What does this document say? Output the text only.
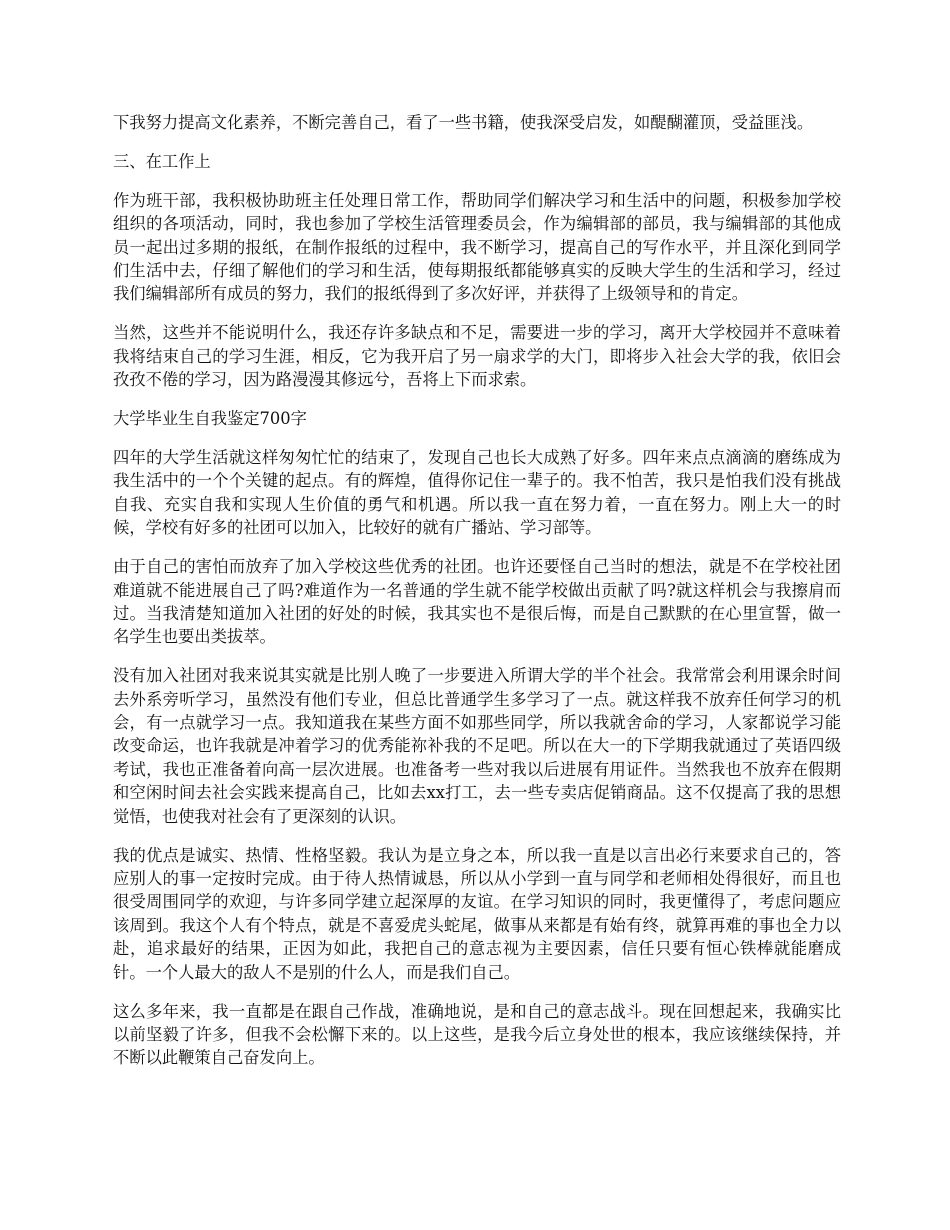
下我努力提高文化素养，不断完善自己，看了一些书籍，使我深受启发，如醍醐灌顶，受益匪浅。

三、在工作上

作为班干部，我积极协助班主任处理日常工作，帮助同学们解决学习和生活中的问题，积极参加学校组织的各项活动，同时，我也参加了学校生活管理委员会，作为编辑部的部员，我与编辑部的其他成员一起出过多期的报纸，在制作报纸的过程中，我不断学习，提高自己的写作水平，并且深化到同学们生活中去，仔细了解他们的学习和生活，使每期报纸都能够真实的反映大学生的生活和学习，经过我们编辑部所有成员的努力，我们的报纸得到了多次好评，并获得了上级领导和的肯定。

当然，这些并不能说明什么，我还存许多缺点和不足，需要进一步的学习，离开大学校园并不意味着我将结束自己的学习生涯，相反，它为我开启了另一扇求学的大门，即将步入社会大学的我，依旧会孜孜不倦的学习，因为路漫漫其修远兮，吾将上下而求索。

大学毕业生自我鉴定700字

四年的大学生活就这样匆匆忙忙的结束了，发现自己也长大成熟了好多。四年来点点滴滴的磨练成为我生活中的一个个关键的起点。有的辉煌，值得你记住一辈子的。我不怕苦，我只是怕我们没有挑战自我、充实自我和实现人生价值的勇气和机遇。所以我一直在努力着，一直在努力。刚上大一的时候，学校有好多的社团可以加入，比较好的就有广播站、学习部等。

由于自己的害怕而放弃了加入学校这些优秀的社团。也许还要怪自己当时的想法，就是不在学校社团难道就不能进展自己了吗?难道作为一名普通的学生就不能学校做出贡献了吗?就这样机会与我擦肩而过。当我清楚知道加入社团的好处的时候，我其实也不是很后悔，而是自己默默的在心里宣誓，做一名学生也要出类拔萃。

没有加入社团对我来说其实就是比别人晚了一步要进入所谓大学的半个社会。我常常会利用课余时间去外系旁听学习，虽然没有他们专业，但总比普通学生多学习了一点。就这样我不放弃任何学习的机会，有一点就学习一点。我知道我在某些方面不如那些同学，所以我就舍命的学习，人家都说学习能改变命运，也许我就是冲着学习的优秀能祢补我的不足吧。所以在大一的下学期我就通过了英语四级考试，我也正准备着向高一层次进展。也准备考一些对我以后进展有用证件。当然我也不放弃在假期和空闲时间去社会实践来提高自己，比如去xx打工，去一些专卖店促销商品。这不仅提高了我的思想觉悟，也使我对社会有了更深刻的认识。

我的优点是诚实、热情、性格坚毅。我认为是立身之本，所以我一直是以言出必行来要求自己的，答应别人的事一定按时完成。由于待人热情诚恳，所以从小学到一直与同学和老师相处得很好，而且也很受周围同学的欢迎，与许多同学建立起深厚的友谊。在学习知识的同时，我更懂得了，考虑问题应该周到。我这个人有个特点，就是不喜爱虎头蛇尾，做事从来都是有始有终，就算再难的事也全力以赴，追求最好的结果，正因为如此，我把自己的意志视为主要因素，信任只要有恒心铁棒就能磨成针。一个人最大的敌人不是别的什么人，而是我们自己。

这么多年来，我一直都是在跟自己作战，准确地说，是和自己的意志战斗。现在回想起来，我确实比以前坚毅了许多，但我不会松懈下来的。以上这些，是我今后立身处世的根本，我应该继续保持，并不断以此鞭策自己奋发向上。
